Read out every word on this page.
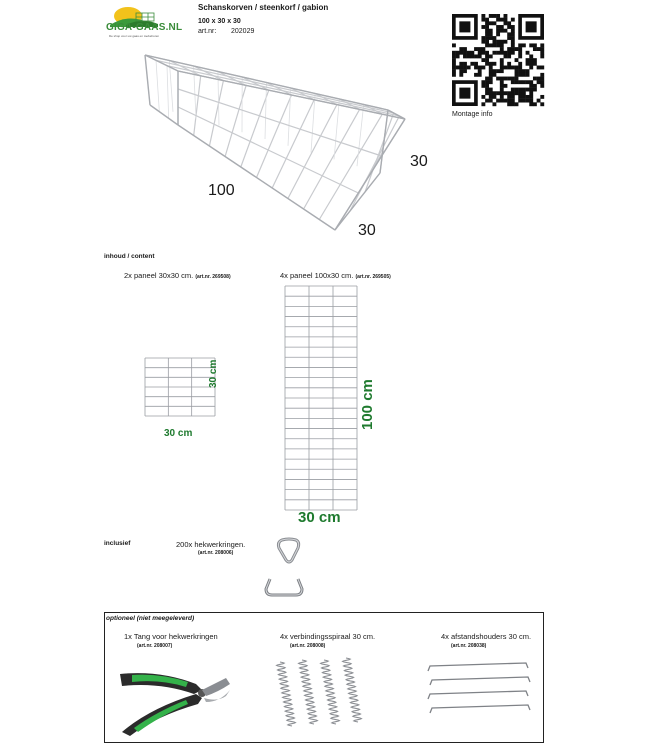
GIGA-GAAS.NL
De shop voor uw gaas en toebehoren
Schanskorven / steenkorf / gabion
100 x 30 x 30
art.nr: 202029
Montage info
100
30
30
inhoud / content
2x paneel 30x30 cm. (art.nr. 269508)	4x paneel 100x30 cm. (art.nr. 269505)
30 cm
30 cm
30 cm
100 cm
inclusief	200x hekwerkringen.
(art.nr. 208006)
optioneel (niet meegeleverd)
1x Tang voor hekwerkringen
(art.nr. 208007)
4x verbindingsspiraal 30 cm.
(art.nr. 208008)
4x afstandshouders 30 cm.
(art.nr. 208038)
